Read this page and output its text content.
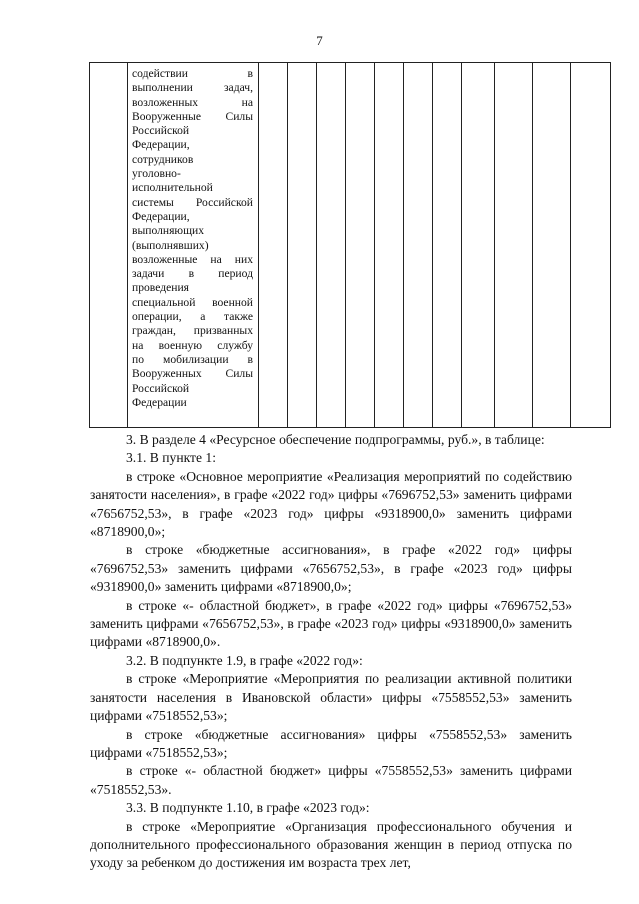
7

содействии в
выполнении задач,
возложенных на
Вооруженные Силы
Российской
Федерации,
сотрудников
уголовно-
исполнительной
системы Российской
Федерации,
выполняющих
(выполнявших)
возложенные на них
задачи в период
проведения
специальной военной
операции, а также
граждан, призванных
на военную службу
по мобилизации в
Вооруженных Силы
Российской
Федерации

3. В разделе 4 «Ресурсное обеспечение подпрограммы, руб.», в таблице:

3.1. В пункте 1:

в строке «Основное мероприятие «Реализация мероприятий по содействию занятости населения», в графе «2022 год» цифры «7696752,53» заменить цифрами «7656752,53», в графе «2023 год» цифры «9318900,0» заменить цифрами «8718900,0»;

в строке «бюджетные ассигнования», в графе «2022 год» цифры «7696752,53» заменить цифрами «7656752,53», в графе «2023 год» цифры «9318900,0» заменить цифрами «8718900,0»;

в строке «- областной бюджет», в графе «2022 год» цифры «7696752,53» заменить цифрами «7656752,53», в графе «2023 год» цифры «9318900,0» заменить цифрами «8718900,0».

3.2. В подпункте 1.9, в графе «2022 год»:

в строке «Мероприятие «Мероприятия по реализации активной политики занятости населения в Ивановской области» цифры «7558552,53» заменить цифрами «7518552,53»;

в строке «бюджетные ассигнования» цифры «7558552,53» заменить цифрами «7518552,53»;

в строке «- областной бюджет» цифры «7558552,53» заменить цифрами «7518552,53».

3.3. В подпункте 1.10, в графе «2023 год»:

в строке «Мероприятие «Организация профессионального обучения и дополнительного профессионального образования женщин в период отпуска по уходу за ребенком до достижения им возраста трех лет,
